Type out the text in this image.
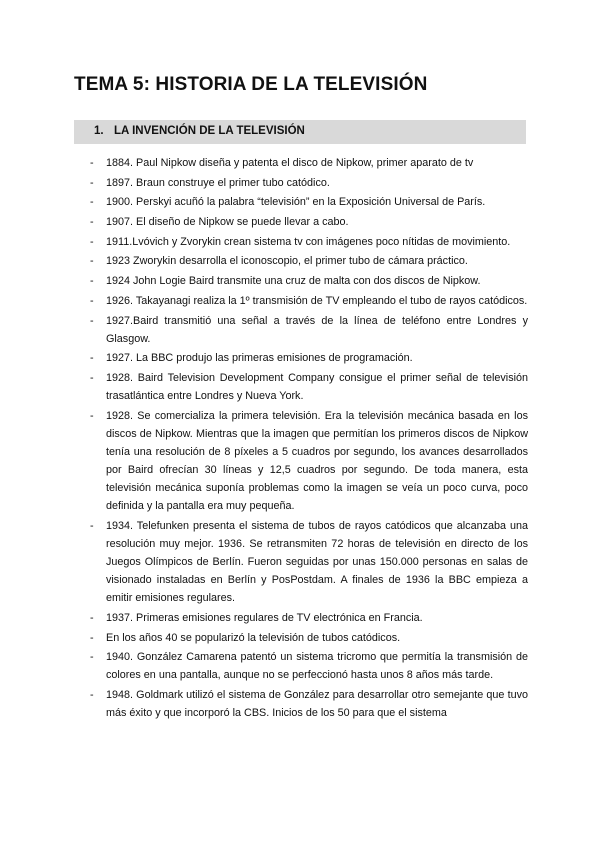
TEMA 5: HISTORIA DE LA TELEVISIÓN
1. LA INVENCIÓN DE LA TELEVISIÓN
- 1884. Paul Nipkow diseña y patenta el disco de Nipkow, primer aparato de tv
- 1897. Braun construye el primer tubo catódico.
- 1900. Perskyi acuñó la palabra “televisión” en la Exposición Universal de París.
- 1907. El diseño de Nipkow se puede llevar a cabo.
- 1911.Lvóvich y Zvorykin crean sistema tv con imágenes poco nítidas de movimiento.
- 1923 Zworykin desarrolla el iconoscopio, el primer tubo de cámara práctico.
- 1924 John Logie Baird transmite una cruz de malta con dos discos de Nipkow.
- 1926. Takayanagi realiza la 1º transmisión de TV empleando el tubo de rayos catódicos.
- 1927.Baird transmitió una señal a través de la línea de teléfono entre Londres y Glasgow.
- 1927. La BBC produjo las primeras emisiones de programación.
- 1928. Baird Television Development Company consigue el primer señal de televisión trasatlántica entre Londres y Nueva York.
- 1928. Se comercializa la primera televisión. Era la televisión mecánica basada en los discos de Nipkow. Mientras que la imagen que permitían los primeros discos de Nipkow tenía una resolución de 8 píxeles a 5 cuadros por segundo, los avances desarrollados por Baird ofrecían 30 líneas y 12,5 cuadros por segundo. De toda manera, esta televisión mecánica suponía problemas como la imagen se veía un poco curva, poco definida y la pantalla era muy pequeña.
- 1934. Telefunken presenta el sistema de tubos de rayos catódicos que alcanzaba una resolución muy mejor. 1936. Se retransmiten 72 horas de televisión en directo de los Juegos Olímpicos de Berlín. Fueron seguidas por unas 150.000 personas en salas de visionado instaladas en Berlín y PosPostdam. A finales de 1936 la BBC empieza a emitir emisiones regulares.
- 1937. Primeras emisiones regulares de TV electrónica en Francia.
- En los años 40 se popularizó la televisión de tubos catódicos.
- 1940. González Camarena patentó un sistema tricromo que permitía la transmisión de colores en una pantalla, aunque no se perfeccionó hasta unos 8 años más tarde.
- 1948. Goldmark utilizó el sistema de González para desarrollar otro semejante que tuvo más éxito y que incorporó la CBS. Inicios de los 50 para que el sistema
